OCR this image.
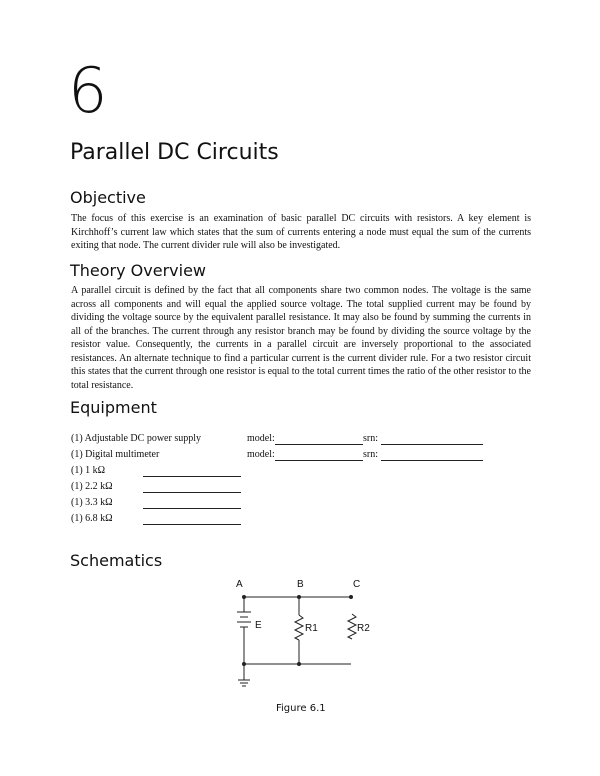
6
Parallel DC Circuits
Objective
The focus of this exercise is an examination of basic parallel DC circuits with resistors. A key element is Kirchhoff’s current law which states that the sum of currents entering a node must equal the sum of the currents exiting that node. The current divider rule will also be investigated.
Theory Overview
A parallel circuit is defined by the fact that all components share two common nodes. The voltage is the same across all components and will equal the applied source voltage. The total supplied current may be found by dividing the voltage source by the equivalent parallel resistance. It may also be found by summing the currents in all of the branches. The current through any resistor branch may be found by dividing the source voltage by the resistor value. Consequently, the currents in a parallel circuit are inversely proportional to the associated resistances. An alternate technique to find a particular current is the current divider rule. For a two resistor circuit this states that the current through one resistor is equal to the total current times the ratio of the other resistor to the total resistance.
Equipment
(1) Adjustable DC power supply	model:	srn:
(1) Digital multimeter	model:	srn:
(1) 1 kΩ
(1) 2.2 kΩ
(1) 3.3 kΩ
(1) 6.8 kΩ
Schematics
A	B	C
E	R1	R2
Figure 6.1
